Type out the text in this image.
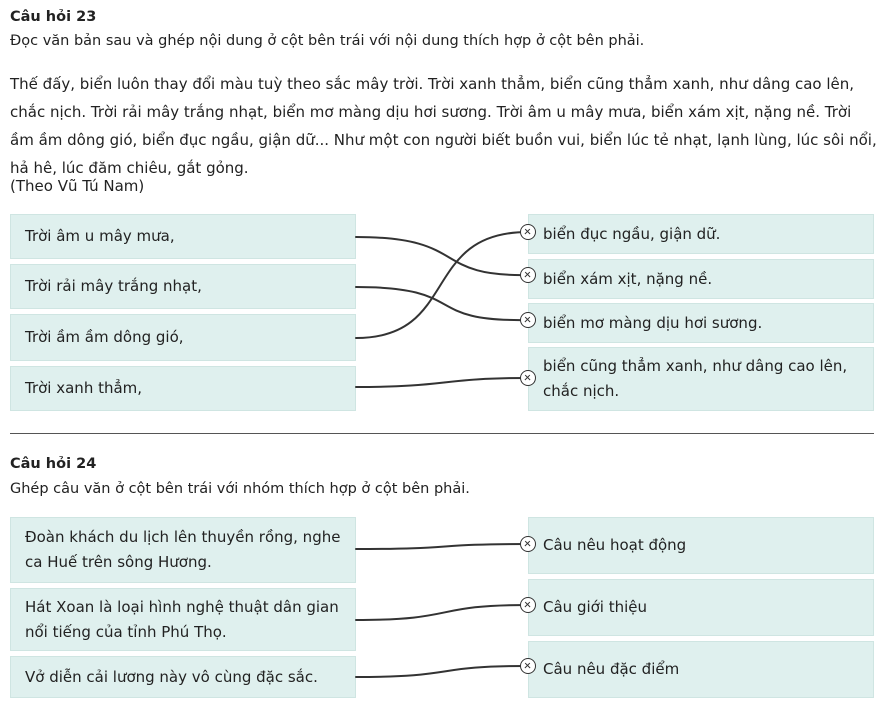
Câu hỏi 23
Đọc văn bản sau và ghép nội dung ở cột bên trái với nội dung thích hợp ở cột bên phải.
Thế đấy, biển luôn thay đổi màu tuỳ theo sắc mây trời. Trời xanh thẳm, biển cũng thẳm xanh, như dâng cao lên, chắc nịch. Trời rải mây trắng nhạt, biển mơ màng dịu hơi sương. Trời âm u mây mưa, biển xám xịt, nặng nề. Trời ầm ầm dông gió, biển đục ngầu, giận dữ... Như một con người biết buồn vui, biển lúc tẻ nhạt, lạnh lùng, lúc sôi nổi, hả hê, lúc đăm chiêu, gắt gỏng.
(Theo Vũ Tú Nam)
Trời âm u mây mưa,
Trời rải mây trắng nhạt,
Trời ầm ầm dông gió,
Trời xanh thẳm,
biển đục ngầu, giận dữ.
biển xám xịt, nặng nề.
biển mơ màng dịu hơi sương.
biển cũng thẳm xanh, như dâng cao lên, chắc nịch.
Câu hỏi 24
Ghép câu văn ở cột bên trái với nhóm thích hợp ở cột bên phải.
Đoàn khách du lịch lên thuyền rồng, nghe ca Huế trên sông Hương.
Hát Xoan là loại hình nghệ thuật dân gian nổi tiếng của tỉnh Phú Thọ.
Vở diễn cải lương này vô cùng đặc sắc.
Câu nêu hoạt động
Câu giới thiệu
Câu nêu đặc điểm
